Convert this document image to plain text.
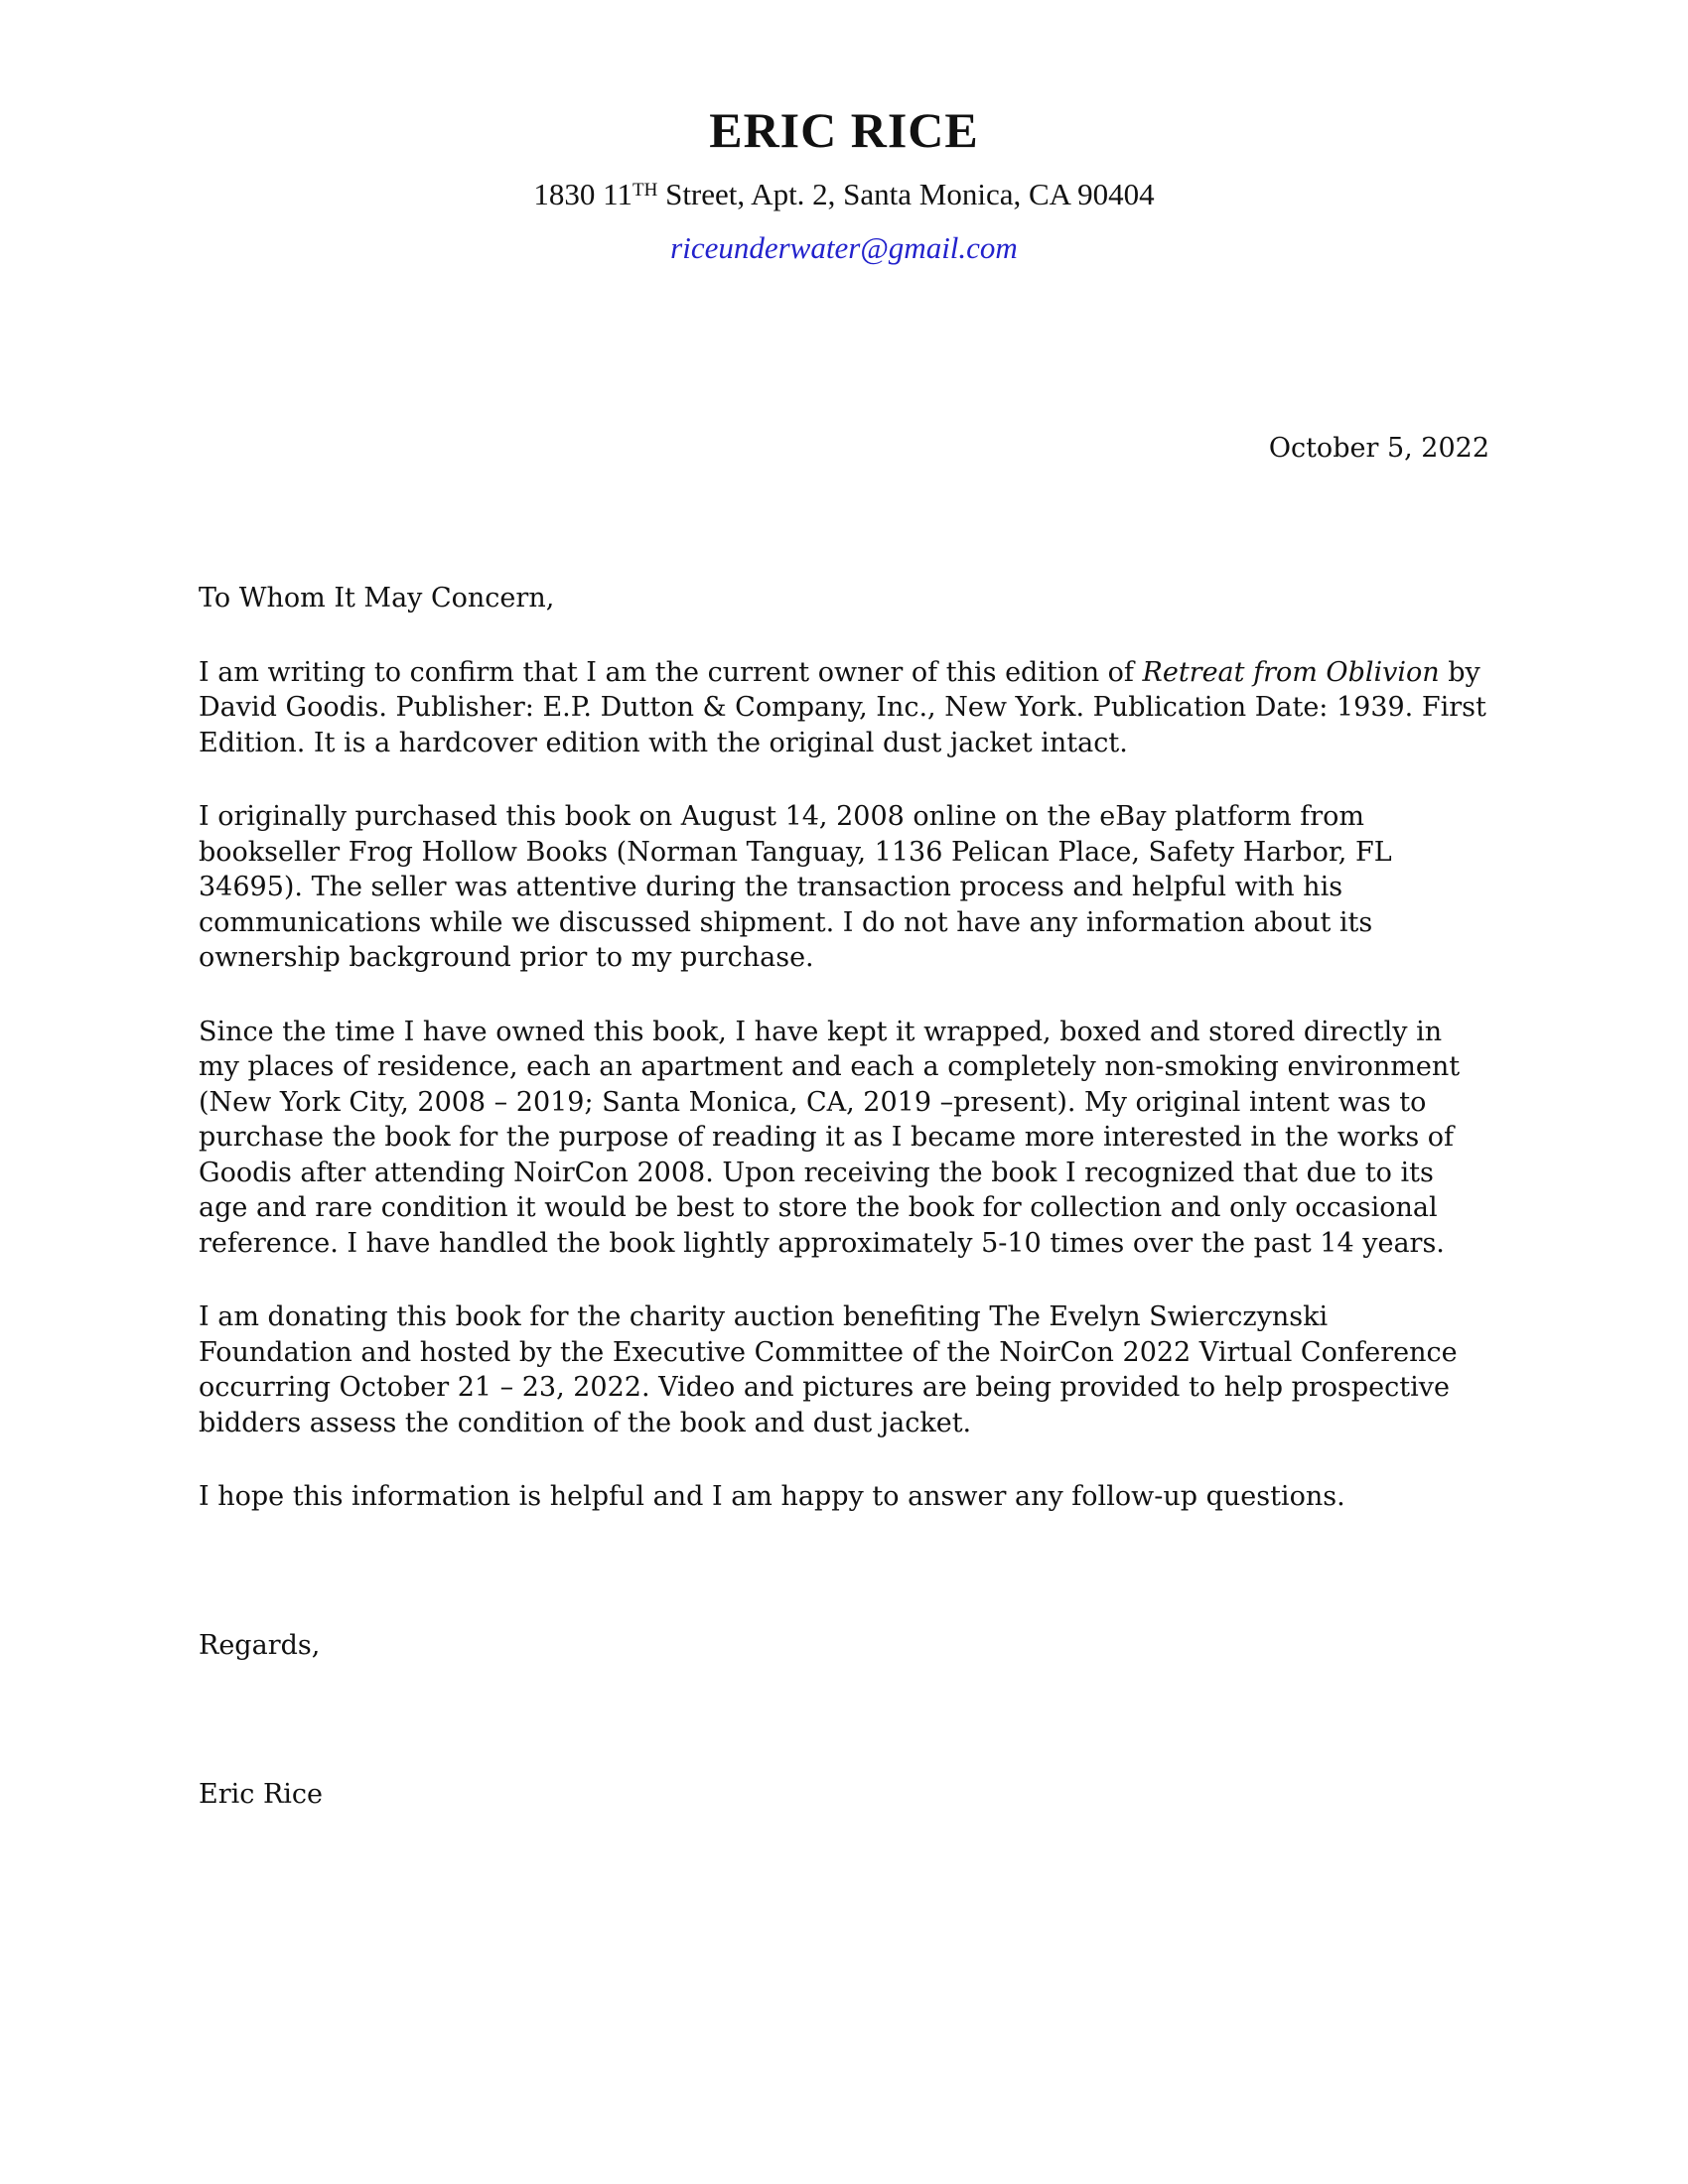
ERIC RICE
1830 11TH Street, Apt. 2, Santa Monica, CA 90404
riceunderwater@gmail.com
October 5, 2022

To Whom It May Concern,

I am writing to confirm that I am the current owner of this edition of Retreat from Oblivion by David Goodis. Publisher: E.P. Dutton & Company, Inc., New York. Publication Date: 1939. First Edition. It is a hardcover edition with the original dust jacket intact.

I originally purchased this book on August 14, 2008 online on the eBay platform from bookseller Frog Hollow Books (Norman Tanguay, 1136 Pelican Place, Safety Harbor, FL 34695). The seller was attentive during the transaction process and helpful with his communications while we discussed shipment. I do not have any information about its ownership background prior to my purchase.

Since the time I have owned this book, I have kept it wrapped, boxed and stored directly in my places of residence, each an apartment and each a completely non-smoking environment (New York City, 2008 – 2019; Santa Monica, CA, 2019 –present). My original intent was to purchase the book for the purpose of reading it as I became more interested in the works of Goodis after attending NoirCon 2008. Upon receiving the book I recognized that due to its age and rare condition it would be best to store the book for collection and only occasional reference. I have handled the book lightly approximately 5-10 times over the past 14 years.

I am donating this book for the charity auction benefiting The Evelyn Swierczynski Foundation and hosted by the Executive Committee of the NoirCon 2022 Virtual Conference occurring October 21 – 23, 2022. Video and pictures are being provided to help prospective bidders assess the condition of the book and dust jacket.

I hope this information is helpful and I am happy to answer any follow-up questions.

Regards,

Eric Rice
